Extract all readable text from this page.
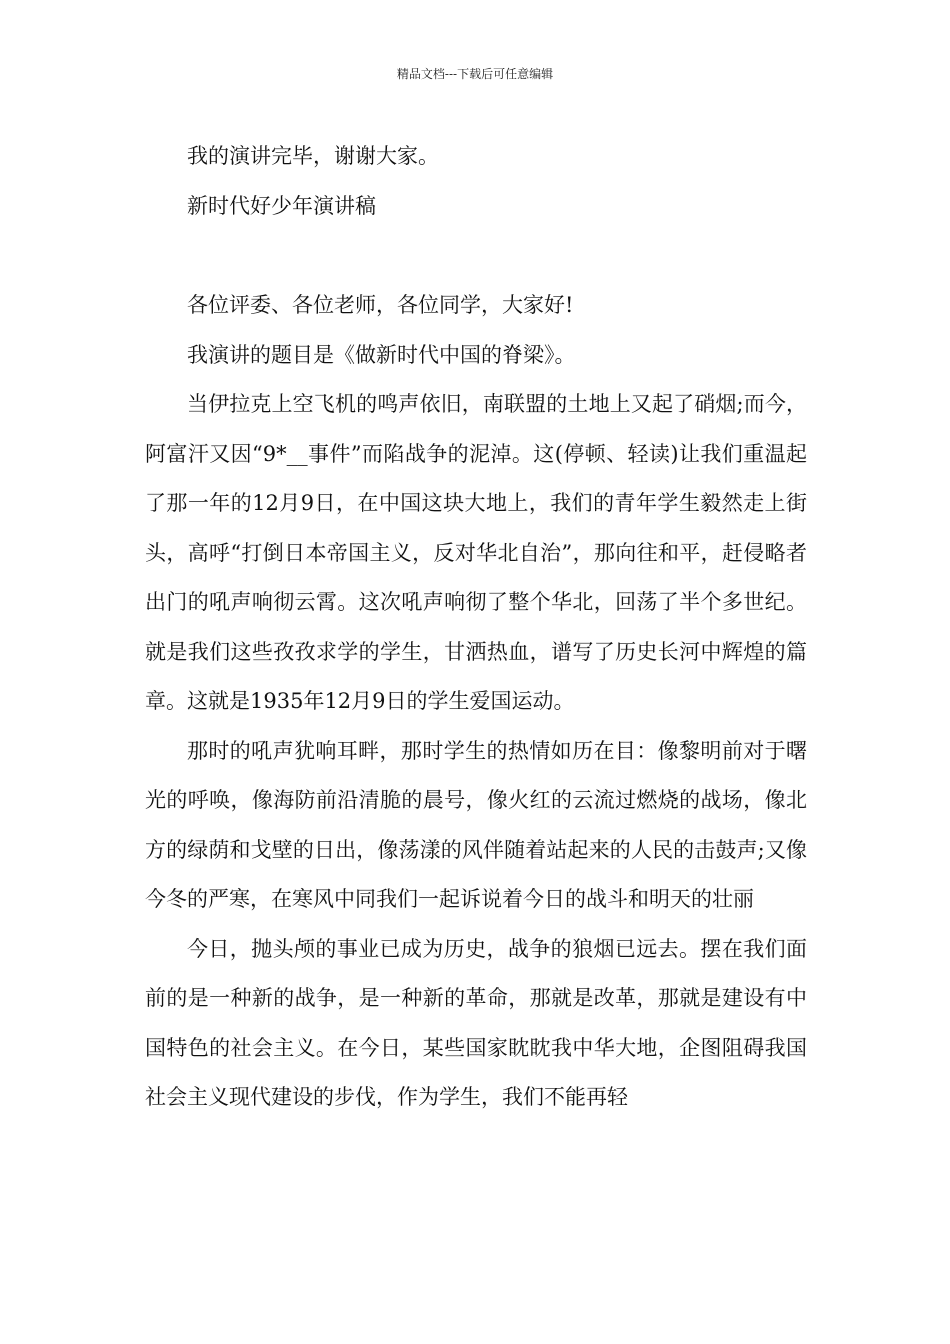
精品文档---下载后可任意编辑

我的演讲完毕，谢谢大家。

新时代好少年演讲稿

各位评委、各位老师，各位同学，大家好!

我演讲的题目是《做新时代中国的脊梁》。

当伊拉克上空飞机的鸣声依旧，南联盟的土地上又起了硝烟;而今，阿富汗又因“9*__事件”而陷战争的泥淖。这(停顿、轻读)让我们重温起了那一年的12月9日，在中国这块大地上，我们的青年学生毅然走上街头，高呼“打倒日本帝国主义，反对华北自治”，那向往和平，赶侵略者出门的吼声响彻云霄。这次吼声响彻了整个华北，回荡了半个多世纪。就是我们这些孜孜求学的学生，甘洒热血，谱写了历史长河中辉煌的篇章。这就是1935年12月9日的学生爱国运动。

那时的吼声犹响耳畔，那时学生的热情如历在目：像黎明前对于曙光的呼唤，像海防前沿清脆的晨号，像火红的云流过燃烧的战场，像北方的绿荫和戈壁的日出，像荡漾的风伴随着站起来的人民的击鼓声;又像今冬的严寒，在寒风中同我们一起诉说着今日的战斗和明天的壮丽

今日，抛头颅的事业已成为历史，战争的狼烟已远去。摆在我们面前的是一种新的战争，是一种新的革命，那就是改革，那就是建设有中国特色的社会主义。在今日，某些国家眈眈我中华大地，企图阻碍我国社会主义现代建设的步伐，作为学生，我们不能再轻
